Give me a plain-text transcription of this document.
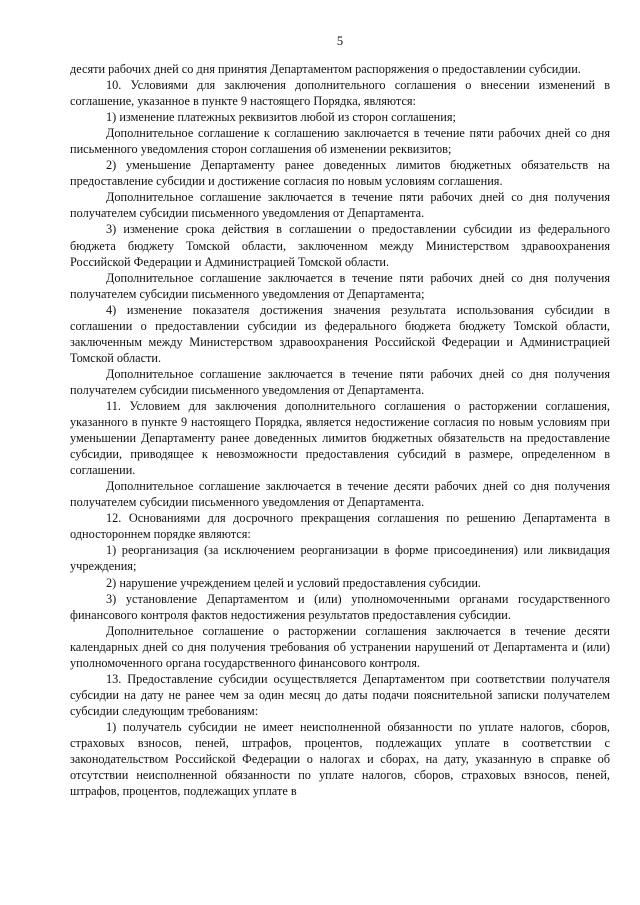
5

десяти рабочих дней со дня принятия Департаментом распоряжения о предоставлении субсидии.

10. Условиями для заключения дополнительного соглашения о внесении изменений в соглашение, указанное в пункте 9 настоящего Порядка, являются:

1) изменение платежных реквизитов любой из сторон соглашения;

Дополнительное соглашение к соглашению заключается в течение пяти рабочих дней со дня письменного уведомления сторон соглашения об изменении реквизитов;

2) уменьшение Департаменту ранее доведенных лимитов бюджетных обязательств на предоставление субсидии и достижение согласия по новым условиям соглашения.

Дополнительное соглашение заключается в течение пяти рабочих дней со дня получения получателем субсидии письменного уведомления от Департамента.

3) изменение срока действия в соглашении о предоставлении субсидии из федерального бюджета бюджету Томской области, заключенном между Министерством здравоохранения Российской Федерации и Администрацией Томской области.

Дополнительное соглашение заключается в течение пяти рабочих дней со дня получения получателем субсидии письменного уведомления от Департамента;

4) изменение показателя достижения значения результата использования субсидии в соглашении о предоставлении субсидии из федерального бюджета бюджету Томской области, заключенным между Министерством здравоохранения Российской Федерации и Администрацией Томской области.

Дополнительное соглашение заключается в течение пяти рабочих дней со дня получения получателем субсидии письменного уведомления от Департамента.

11. Условием для заключения дополнительного соглашения о расторжении соглашения, указанного в пункте 9 настоящего Порядка, является недостижение согласия по новым условиям при уменьшении Департаменту ранее доведенных лимитов бюджетных обязательств на предоставление субсидии, приводящее к невозможности предоставления субсидий в размере, определенном в соглашении.

Дополнительное соглашение заключается в течение десяти рабочих дней со дня получения получателем субсидии письменного уведомления от Департамента.

12. Основаниями для досрочного прекращения соглашения по решению Департамента в одностороннем порядке являются:

1) реорганизация (за исключением реорганизации в форме присоединения) или ликвидация учреждения;

2) нарушение учреждением целей и условий предоставления субсидии.

3) установление Департаментом и (или) уполномоченными органами государственного финансового контроля фактов недостижения результатов предоставления субсидии.

Дополнительное соглашение о расторжении соглашения заключается в течение десяти календарных дней со дня получения требования об устранении нарушений от Департамента и (или) уполномоченного органа государственного финансового контроля.

13. Предоставление субсидии осуществляется Департаментом при соответствии получателя субсидии на дату не ранее чем за один месяц до даты подачи пояснительной записки получателем субсидии следующим требованиям:

1) получатель субсидии не имеет неисполненной обязанности по уплате налогов, сборов, страховых взносов, пеней, штрафов, процентов, подлежащих уплате в соответствии с законодательством Российской Федерации о налогах и сборах, на дату, указанную в справке об отсутствии неисполненной обязанности по уплате налогов, сборов, страховых взносов, пеней, штрафов, процентов, подлежащих уплате в
